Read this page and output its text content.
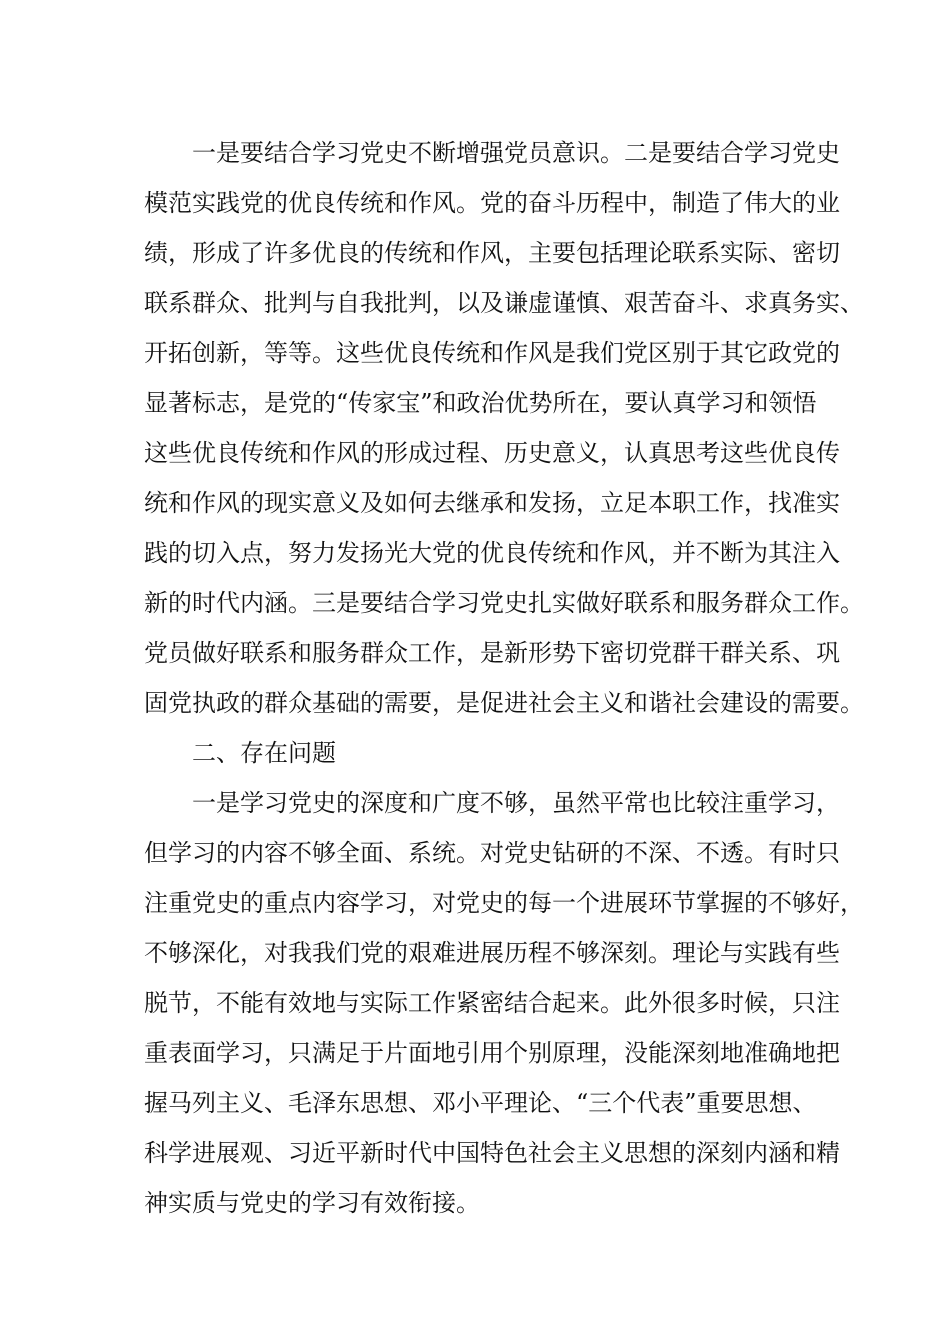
一是要结合学习党史不断增强党员意识。二是要结合学习党史
模范实践党的优良传统和作风。党的奋斗历程中，制造了伟大的业
绩，形成了许多优良的传统和作风，主要包括理论联系实际、密切
联系群众、批判与自我批判，以及谦虚谨慎、艰苦奋斗、求真务实、
开拓创新，等等。这些优良传统和作风是我们党区别于其它政党的
显著标志，是党的“传家宝”和政治优势所在，要认真学习和领悟
这些优良传统和作风的形成过程、历史意义，认真思考这些优良传
统和作风的现实意义及如何去继承和发扬，立足本职工作，找准实
践的切入点，努力发扬光大党的优良传统和作风，并不断为其注入
新的时代内涵。三是要结合学习党史扎实做好联系和服务群众工作。
党员做好联系和服务群众工作，是新形势下密切党群干群关系、巩
固党执政的群众基础的需要，是促进社会主义和谐社会建设的需要。
二、存在问题
一是学习党史的深度和广度不够，虽然平常也比较注重学习，
但学习的内容不够全面、系统。对党史钻研的不深、不透。有时只
注重党史的重点内容学习，对党史的每一个进展环节掌握的不够好，
不够深化，对我我们党的艰难进展历程不够深刻。理论与实践有些
脱节，不能有效地与实际工作紧密结合起来。此外很多时候，只注
重表面学习，只满足于片面地引用个别原理，没能深刻地准确地把
握马列主义、毛泽东思想、邓小平理论、“三个代表”重要思想、
科学进展观、习近平新时代中国特色社会主义思想的深刻内涵和精
神实质与党史的学习有效衔接。
